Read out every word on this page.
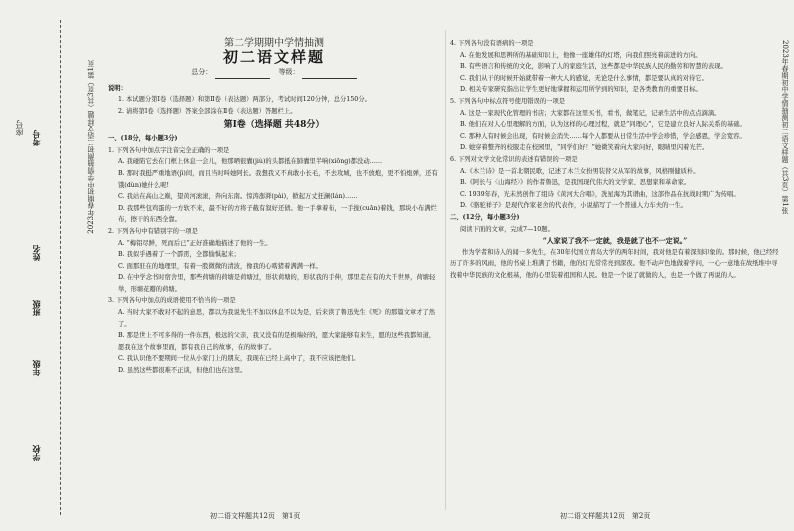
座号
考号
姓名
班级
年级
学校
2023年春期初中学情抽测初二语文样题（共3页）第1页	2023年春期初中学情抽测初二语文样题（共3页）第1张
第二学期期中学情抽测
初二语文样题
总分：	等级：

说明：

1. 本试题分第Ⅰ卷（选择题）和第Ⅱ卷（表达题）两部分，考试时间120分钟，总分150分。

2. 请将第Ⅰ卷（选择题）答案全部涂在Ⅱ卷（表达题）答题栏上。

第Ⅰ卷（选择题 共48分）

一、(18分，每小题3分)

1. 下列各句中加点字注音完全正确的一项是

A. 我碰陷它去在门框上休息一会儿，他那晒很囊(jiù)的头都抵在肺囊里半响(xiōng)都没动……

B. 那时我挺严重地语(jì)间，而且当时叫她阿长。我想我又不真敢小长毛，不去攻城，也不放炮，更不怕炮弹，还有饿(dùn)她什么呢!

C. 我站在高山之巅，望黄河滚滚，奔向东南。惊涛澎湃(pài)，掀起万丈狂澜(lán)……

D. 我那些包鸡蛋的一方软不来，最不好的方将子截有叙好还债。他一手拿着布，一手拢(cuān)着钱，那块小布满烂布，擦干的东西全靠。

2. 下列各句中有错别字的一项是

A. “梅铝尽鲜，死而后已”正好准确地描述了他的一生。

B. 我似乎遇着了一个霹雳，全都愉惧起来；

C. 面那驻在的地理里，有着一股微微的清波，像我的心啮猪着满满一样。

D. 在中学念书时宿舍里，那些荷塘的荷塘是荷塘过，形状荷塘的，形状我的手伸，那里走在有的大千世界，荷塘轻举，形塘花瓣的荷塘。

3. 下列各句中加点的成语使用不恰当的一项是

A. 当时大家不敢对不起的意思，都以为我说先生不加以休息不以为是，后来读了鲁迅先生《死》的那篇文章才了然了。

B. 那是世上不可多得的一件东西，极远的父亲，我又没有的是极端好的，愿大家能够有来生，愿的这些我都知道，愿我在这个故事里面，都有我自己的故事，在的故事了。

C. 我认识他不要期间一位从小家门上的朋友，我现在已经上高中了，我不应该把他们。

D. 虽然这些都很难不正谈，但他们也在这里。

4. 下列各句没有语病的一项是

A. 在他发展和思辨所的基础知识上，他像一座雄伟的灯塔，向我们照亮着前进的方向。

B. 有些语言和传统的文化，影响了人的家庭生活，这些都是中华民族人民的勤劳和智慧的表现。

C. 我们从干的时候开始就带着一种大人的感觉，无论是什么事情，都是要认真的对待它。

D. 相关专家研究指出让学生更好地掌握和运用所学到的知识，是各类教育的重要目标。

5. 下列各句中标点符号使用错误的一项是

A. 这是一家现代化管理的书店；大家都在这里买书，看书，做笔记，记录生活中的点点滴滴。

B. 他们在对人心里理解的方面，认为这样的心理过程，就是“同理心”，它是建立良好人际关系的基础。

C. 那种人有时候会出现，有时候会消失……每个人都要从日常生活中学会珍惜，学会感恩，学会宽容。

D. 她穿着整齐的校服走在校园里，“同学们好！”她微笑着向大家问好，眼睛里闪着光芒。

6. 下列对文学文化常识的表述有错误的一项是

A.《木兰诗》是一首北朝民歌，记述了木兰女扮男装替父从军的故事，风格刚健质朴。

B.《阿长与〈山海经〉》的作者鲁迅，是我国现代伟大的文学家、思想家和革命家。

C. 1939年春，光未然创作了组诗《黄河大合唱》，冼星海为其谱曲，这部作品在抗战时期广为传唱。

D.《骆驼祥子》是现代作家老舍的代表作，小说描写了一个普通人力车夫的一生。

二、(12分，每小题3分)

阅读下面的文章，完成7—10题。

“人家说了我不一定就，我是就了也不一定说。”

作为学者和诗人的闻一多先生，在30年代国立青岛大学的两年时间，我对他是有着深刻印象的。那时候，他已经经历了许多的风雨，他的书桌上堆满了书籍，他的灯光常常亮到深夜。他不动声色地做着学问，一心一意地在故纸堆中寻找着中华民族的文化根基，他的心里装着祖国和人民。他是一个说了就做的人，也是一个做了再说的人。

初二语文样题共12页　第1页	初二语文样题共12页　第2页
